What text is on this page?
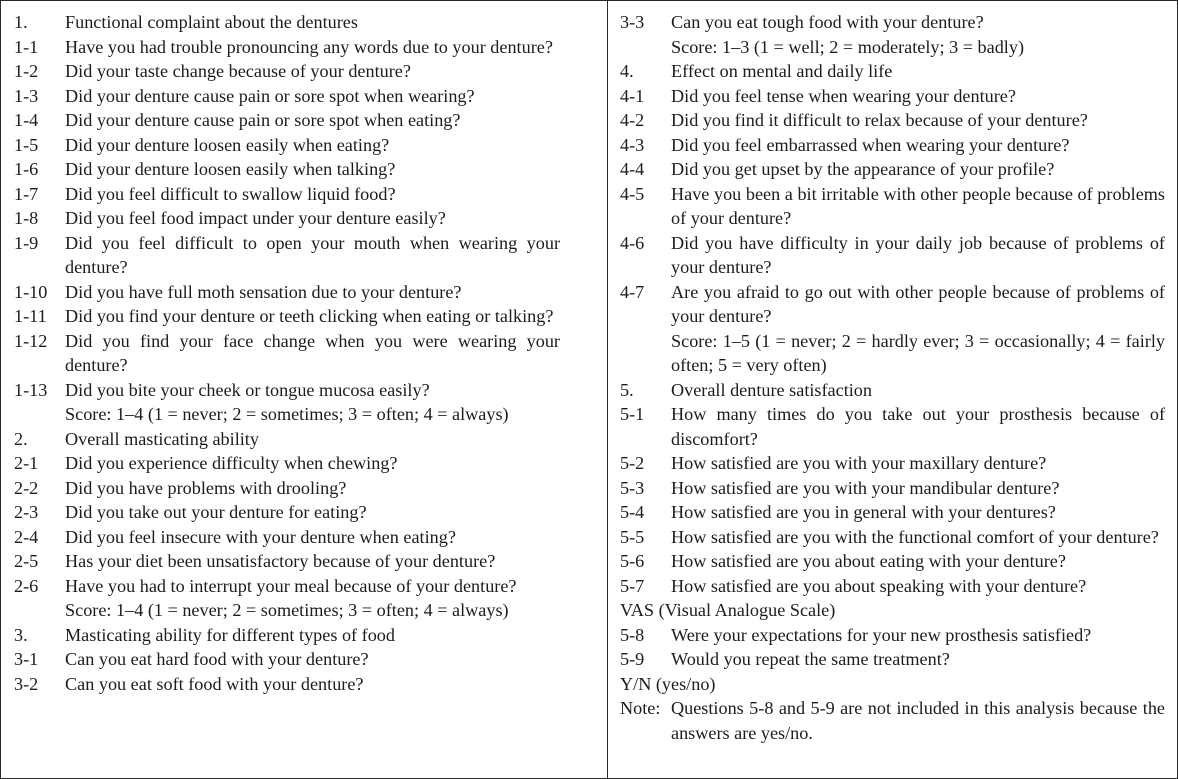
1.	Functional complaint about the dentures
1-1	Have you had trouble pronouncing any words due to your denture?
1-2	Did your taste change because of your denture?
1-3	Did your denture cause pain or sore spot when wearing?
1-4	Did your denture cause pain or sore spot when eating?
1-5	Did your denture loosen easily when eating?
1-6	Did your denture loosen easily when talking?
1-7	Did you feel difficult to swallow liquid food?
1-8	Did you feel food impact under your denture easily?
1-9	Did you feel difficult to open your mouth when wearing your denture?
1-10 Did you have full moth sensation due to your denture?
1-11	Did you find your denture or teeth clicking when eating or talking?
1-12 Did you find your face change when you were wearing your denture?
1-13 Did you bite your cheek or tongue mucosa easily?
Score: 1–4 (1 = never; 2 = sometimes; 3 = often; 4 = always)
2.	Overall masticating ability
2-1	Did you experience difficulty when chewing?
2-2	Did you have problems with drooling?
2-3	Did you take out your denture for eating?
2-4	Did you feel insecure with your denture when eating?
2-5	Has your diet been unsatisfactory because of your denture?
2-6	Have you had to interrupt your meal because of your denture?
Score: 1–4 (1 = never; 2 = sometimes; 3 = often; 4 = always)
3.	Masticating ability for different types of food
3-1	Can you eat hard food with your denture?
3-2	Can you eat soft food with your denture?
3-3	Can you eat tough food with your denture?
Score: 1–3 (1 = well; 2 = moderately; 3 = badly)
4.	Effect on mental and daily life
4-1	Did you feel tense when wearing your denture?
4-2	Did you find it difficult to relax because of your denture?
4-3	Did you feel embarrassed when wearing your denture?
4-4	Did you get upset by the appearance of your profile?
4-5	Have you been a bit irritable with other people because of problems of your denture?
4-6	Did you have difficulty in your daily job because of problems of your denture?
4-7	Are you afraid to go out with other people because of problems of your denture?
Score: 1–5 (1 = never; 2 = hardly ever; 3 = occasionally; 4 = fairly often; 5 = very often)
5.	Overall denture satisfaction
5-1	How many times do you take out your prosthesis because of discomfort?
5-2	How satisfied are you with your maxillary denture?
5-3	How satisfied are you with your mandibular denture?
5-4	How satisfied are you in general with your dentures?
5-5	How satisfied are you with the functional comfort of your denture?
5-6	How satisfied are you about eating with your denture?
5-7	How satisfied are you about speaking with your denture?
VAS (Visual Analogue Scale)
5-8	Were your expectations for your new prosthesis satisfied?
5-9	Would you repeat the same treatment?
Y/N (yes/no)
Note: Questions 5-8 and 5-9 are not included in this analysis because the answers are yes/no.
